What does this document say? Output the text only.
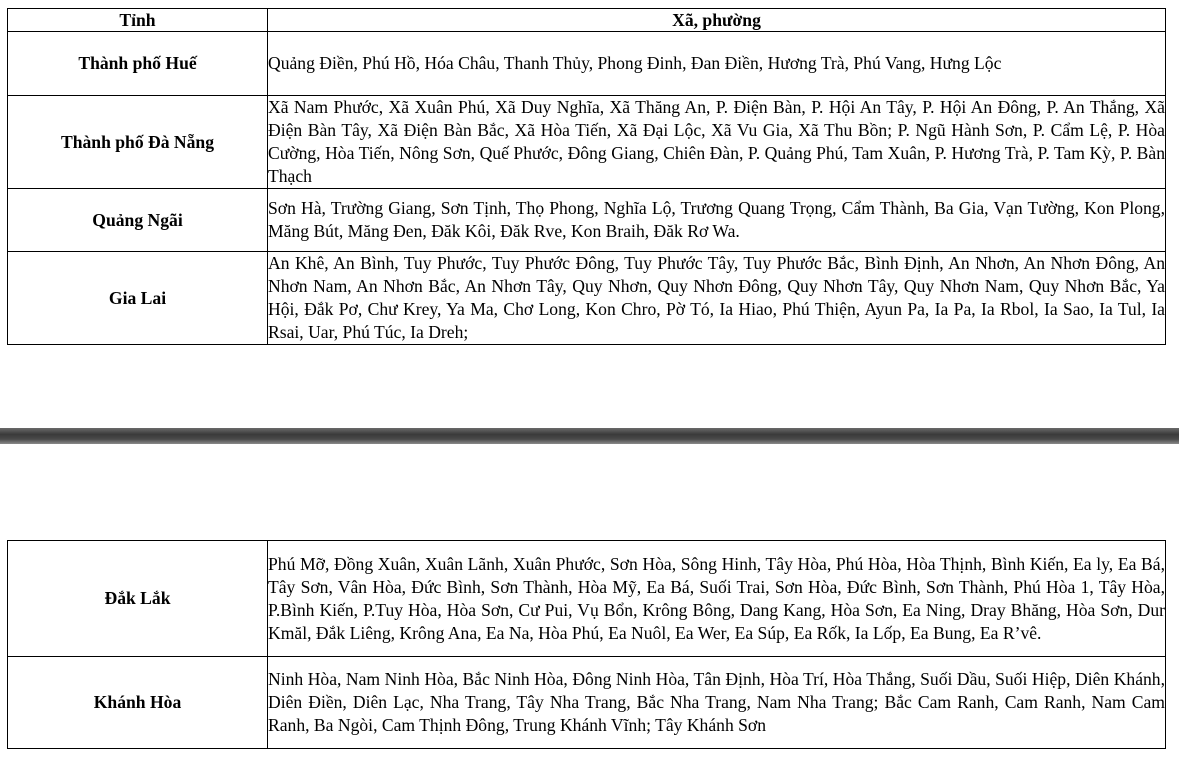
Tỉnh	Xã, phường
Thành phố Huế	Quảng Điền, Phú Hồ, Hóa Châu, Thanh Thủy, Phong Đinh, Đan Điền, Hương Trà, Phú Vang, Hưng Lộc
Thành phố Đà Nẵng	Xã Nam Phước, Xã Xuân Phú, Xã Duy Nghĩa, Xã Thăng An, P. Điện Bàn, P. Hội An Tây, P. Hội An Đông, P. An Thắng, Xã Điện Bàn Tây, Xã Điện Bàn Bắc, Xã Hòa Tiến, Xã Đại Lộc, Xã Vu Gia, Xã Thu Bồn; P. Ngũ Hành Sơn, P. Cẩm Lệ, P. Hòa Cường, Hòa Tiến, Nông Sơn, Quế Phước, Đông Giang, Chiên Đàn, P. Quảng Phú, Tam Xuân, P. Hương Trà, P. Tam Kỳ, P. Bàn Thạch
Quảng Ngãi	Sơn Hà, Trường Giang, Sơn Tịnh, Thọ Phong, Nghĩa Lộ, Trương Quang Trọng, Cẩm Thành, Ba Gia, Vạn Tường, Kon Plong, Măng Bút, Măng Đen, Đăk Kôi, Đăk Rve, Kon Braih, Đăk Rơ Wa.
Gia Lai	An Khê, An Bình, Tuy Phước, Tuy Phước Đông, Tuy Phước Tây, Tuy Phước Bắc, Bình Định, An Nhơn, An Nhơn Đông, An Nhơn Nam, An Nhơn Bắc, An Nhơn Tây, Quy Nhơn, Quy Nhơn Đông, Quy Nhơn Tây, Quy Nhơn Nam, Quy Nhơn Bắc, Ya Hội, Đắk Pơ, Chư Krey, Ya Ma, Chơ Long, Kon Chro, Pờ Tó, Ia Hiao, Phú Thiện, Ayun Pa, Ia Pa, Ia Rbol, Ia Sao, Ia Tul, Ia Rsai, Uar, Phú Túc, Ia Dreh;
Đắk Lắk	Phú Mỡ, Đồng Xuân, Xuân Lãnh, Xuân Phước, Sơn Hòa, Sông Hinh, Tây Hòa, Phú Hòa, Hòa Thịnh, Bình Kiến, Ea ly, Ea Bá, Tây Sơn, Vân Hòa, Đức Bình, Sơn Thành, Hòa Mỹ, Ea Bá, Suối Trai, Sơn Hòa, Đức Bình, Sơn Thành, Phú Hòa 1, Tây Hòa, P.Bình Kiến, P.Tuy Hòa, Hòa Sơn, Cư Pui, Vụ Bổn, Krông Bông, Dang Kang, Hòa Sơn, Ea Ning, Dray Bhăng, Hòa Sơn, Dur Kmăl, Đắk Liêng, Krông Ana, Ea Na, Hòa Phú, Ea Nuôl, Ea Wer, Ea Súp, Ea Rốk, Ia Lốp, Ea Bung, Ea R’vê.
Khánh Hòa	Ninh Hòa, Nam Ninh Hòa, Bắc Ninh Hòa, Đông Ninh Hòa, Tân Định, Hòa Trí, Hòa Thắng, Suối Dầu, Suối Hiệp, Diên Khánh, Diên Điền, Diên Lạc, Nha Trang, Tây Nha Trang, Bắc Nha Trang, Nam Nha Trang; Bắc Cam Ranh, Cam Ranh, Nam Cam Ranh, Ba Ngòi, Cam Thịnh Đông, Trung Khánh Vĩnh; Tây Khánh Sơn
